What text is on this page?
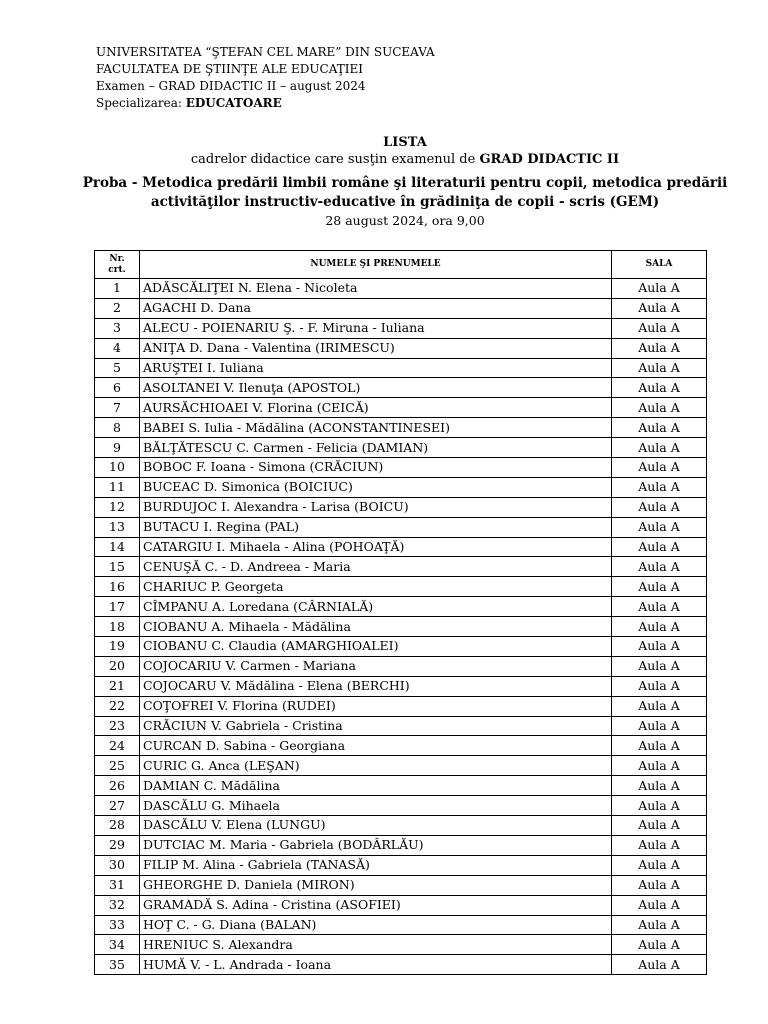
UNIVERSITATEA “ŞTEFAN CEL MARE” DIN SUCEAVA
FACULTATEA DE ŞTIINŢE ALE EDUCAŢIEI
Examen – GRAD DIDACTIC II – august 2024
Specializarea: EDUCATOARE
LISTA
cadrelor didactice care susţin examenul de GRAD DIDACTIC II
Proba - Metodica predării limbii române şi literaturii pentru copii, metodica predării
activităţilor instructiv-educative în grădiniţa de copii - scris (GEM)
28 august 2024, ora 9,00
Nr.
crt.	NUMELE ŞI PRENUMELE	SALA
1	ADĂSCĂLIŢEI N. Elena - Nicoleta	Aula A
2	AGACHI D. Dana	Aula A
3	ALECU - POIENARIU Ş. - F. Miruna - Iuliana	Aula A
4	ANIŢA D. Dana - Valentina (IRIMESCU)	Aula A
5	ARUŞTEI I. Iuliana	Aula A
6	ASOLTANEI V. Ilenuţa (APOSTOL)	Aula A
7	AURSĂCHIOAEI V. Florina (CEICĂ)	Aula A
8	BABEI S. Iulia - Mădălina (ACONSTANTINESEI)	Aula A
9	BĂLŢĂTESCU C. Carmen - Felicia (DAMIAN)	Aula A
10	BOBOC F. Ioana - Simona (CRĂCIUN)	Aula A
11	BUCEAC D. Simonica (BOICIUC)	Aula A
12	BURDUJOC I. Alexandra - Larisa (BOICU)	Aula A
13	BUTACU I. Regina (PAL)	Aula A
14	CATARGIU I. Mihaela - Alina (POHOAŢĂ)	Aula A
15	CENUŞĂ C. - D. Andreea - Maria	Aula A
16	CHARIUC P. Georgeta	Aula A
17	CÎMPANU A. Loredana (CÂRNIALĂ)	Aula A
18	CIOBANU A. Mihaela - Mădălina	Aula A
19	CIOBANU C. Claudia (AMARGHIOALEI)	Aula A
20	COJOCARIU V. Carmen - Mariana	Aula A
21	COJOCARU V. Mădălina - Elena (BERCHI)	Aula A
22	COŢOFREI V. Florina (RUDEI)	Aula A
23	CRĂCIUN V. Gabriela - Cristina	Aula A
24	CURCAN D. Sabina - Georgiana	Aula A
25	CURIC G. Anca (LEŞAN)	Aula A
26	DAMIAN C. Mădălina	Aula A
27	DASCĂLU G. Mihaela	Aula A
28	DASCĂLU V. Elena (LUNGU)	Aula A
29	DUTCIAC M. Maria - Gabriela (BODÂRLĂU)	Aula A
30	FILIP M. Alina - Gabriela (TANASĂ)	Aula A
31	GHEORGHE D. Daniela (MIRON)	Aula A
32	GRAMADĂ S. Adina - Cristina (ASOFIEI)	Aula A
33	HOŢ C. - G. Diana (BALAN)	Aula A
34	HRENIUC S. Alexandra	Aula A
35	HUMĂ V. - L. Andrada - Ioana	Aula A
